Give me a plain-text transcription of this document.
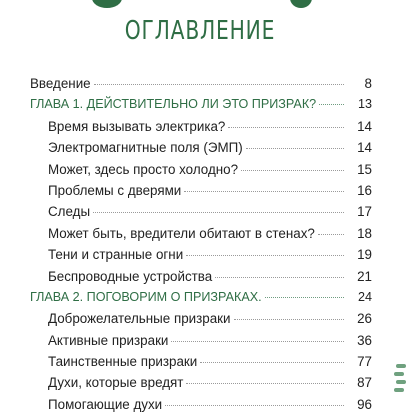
ОГЛАВЛЕНИЕ
Введение	8
ГЛАВА 1. ДЕЙСТВИТЕЛЬНО ЛИ ЭТО ПРИЗРАК?	13
Время вызывать электрика?	14
Электромагнитные поля (ЭМП)	14
Может, здесь просто холодно?	15
Проблемы с дверями	16
Следы	17
Может быть, вредители обитают в стенах?	18
Тени и странные огни	19
Беспроводные устройства	21
ГЛАВА 2. ПОГОВОРИМ О ПРИЗРАКАХ.	24
Доброжелательные призраки	26
Активные призраки	36
Таинственные призраки	77
Духи, которые вредят	87
Помогающие духи	96
